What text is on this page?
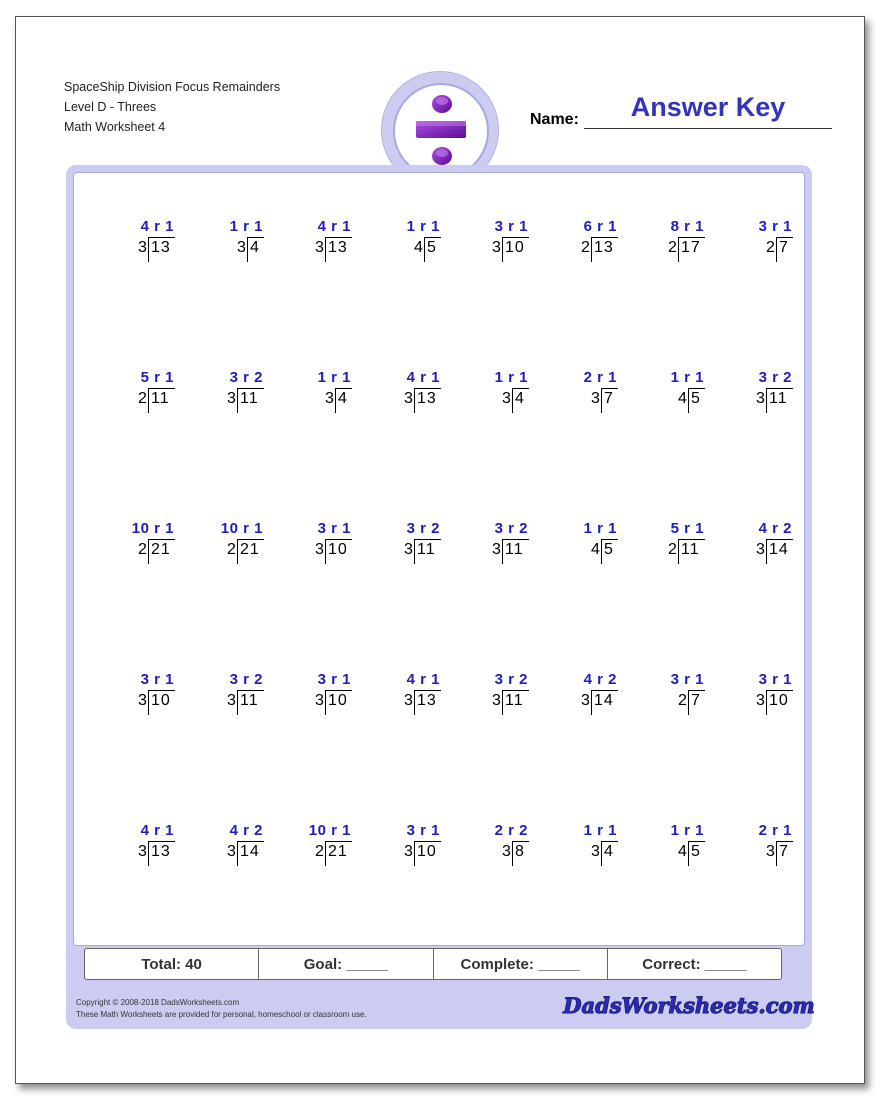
SpaceShip Division Focus Remainders
Level D - Threes
Math Worksheet 4
Answer Key
Name:
4 r 1
3 13
1 r 1
3 4
4 r 1
3 13
1 r 1
4 5
3 r 1
3 10
6 r 1
2 13
8 r 1
2 17
3 r 1
2 7
5 r 1
2 11
3 r 2
3 11
1 r 1
3 4
4 r 1
3 13
1 r 1
3 4
2 r 1
3 7
1 r 1
4 5
3 r 2
3 11
10 r 1
2 21
10 r 1
2 21
3 r 1
3 10
3 r 2
3 11
3 r 2
3 11
1 r 1
4 5
5 r 1
2 11
4 r 2
3 14
3 r 1
3 10
3 r 2
3 11
3 r 1
3 10
4 r 1
3 13
3 r 2
3 11
4 r 2
3 14
3 r 1
2 7
3 r 1
3 10
4 r 1
3 13
4 r 2
3 14
10 r 1
2 21
3 r 1
3 10
2 r 2
3 8
1 r 1
3 4
1 r 1
4 5
2 r 1
3 7
Total: 40	Goal: _____	Complete: _____	Correct: _____
Copyright © 2008-2018 DadsWorksheets.com
These Math Worksheets are provided for personal, homeschool or classroom use.	DadsWorksheets.com
